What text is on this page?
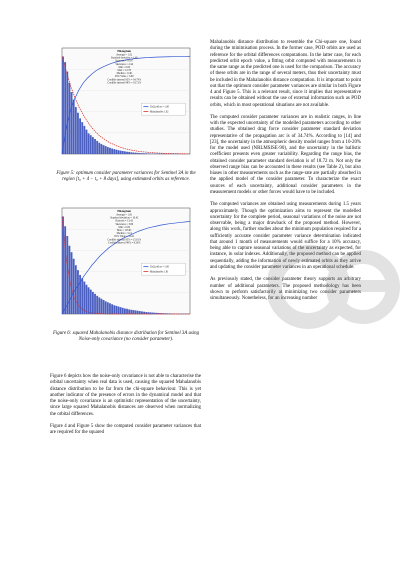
Histogram
Average = 1.02
Standard deviation = 1.60
Kurtosis = 10.67
Skewness = 2.44
Min = 0.00
Max = 12.78
Median = 0.46
95% Value = 3.60
Credible interval 95% = 34.74%
Credible interval 99% = 18.72%
Chi2 pdf m = 1.00
Mahalanobis 1.02
Figure 5: optimum consider parameter variances for Sentinel 3A in the region [t₀ + 4 − t₀ + 8 days], using estimated orbits as reference.
Histogram
Average = 1.81
Standard deviation = 10.42
Kurtosis = 13.42
Skewness = 3.86
Min = 0.00
Max = 113.91
Median = 3.14
95% Value = 12.41
Credible interval 95% = 15.81%
Credible interval 99% = 9.26%
Chi2 pdf m = 1.00
Mahalanobis 1.81
Figure 6: squared Mahalanobis distance distribution for Sentinel 3A using Noise-only covariance (no consider parameter).

Figure 6 depicts how the noise-only covariance is not able to characterise the orbital uncertainty when real data is used, causing the squared Mahalanobis distance distribution to be far from the chi-square behaviour. This is yet another indicator of the presence of errors in the dynamical model and that the noise-only covariance is an optimistic representation of the uncertainty, since large squared Mahalanobis distances are observed when normalizing the orbital differences.

Figure 4 and Figure 5 show the computed consider parameter variances that are required for the squared

Mahalanobis distance distribution to resemble the Chi-square one, found during the minimisation process. In the former case, POD orbits are used as reference for the orbital differences computations. In the latter case, for each predicted orbit epoch value, a fitting orbit computed with measurements in the same range as the predicted one is used for the comparison. The accuracy of these orbits are in the range of several meters, thus their uncertainty must be included in the Mahalanobis distance computation. It is important to point out that the optimum consider parameter variances are similar in both Figure 4 and Figure 5. This is a relevant result, since it implies that representative results can be obtained without the use of external information such as POD orbits, which in most operational situations are not available.

The computed consider parameter variances are in realistic ranges, in line with the expected uncertainty of the modelled parameters according to other studies. The obtained drag force consider parameter standard deviation representative of the propagation arc is of 34.74%. According to [14] and [23], the uncertainty in the atmospheric density model ranges from a 10-20% for the model used (NRLMSISE-90), and the uncertainty in the ballistic coefficient presents even greater variability. Regarding the range bias, the obtained consider parameter standard deviation is of 18.72 m. Not only the observed range bias can be accounted in these results (see Table 2), but also biases in other measurements such as the range-rate are partially absorbed in the applied model of the consider parameter. To characterize the exact sources of each uncertainty, additional consider parameters in the measurement models or other forces would have to be included.

The computed variances are obtained using measurements during 1.5 years approximately. Though the optimization aims to represent the modelled uncertainty for the complete period, seasonal variations of the noise are not observable, being a major drawback of the proposed method. However, along this work, further studies about the minimum population required for a sufficiently accurate consider parameter variance determination indicated that around 1 month of measurements would suffice for a 10% accuracy, being able to capture seasonal variations of the uncertainty as expected, for instance, in solar indexes. Additionally, the proposed method can be applied sequentially, adding the information of newly estimated orbits as they arrive and updating the consider parameter variances in an operational schedule.

As previously stated, the consider parameter theory supports an arbitrary number of additional parameters. The proposed methodology has been shown to perform satisfactorily at minimizing two consider parameters simultaneously. Nonetheless, for an increasing number
